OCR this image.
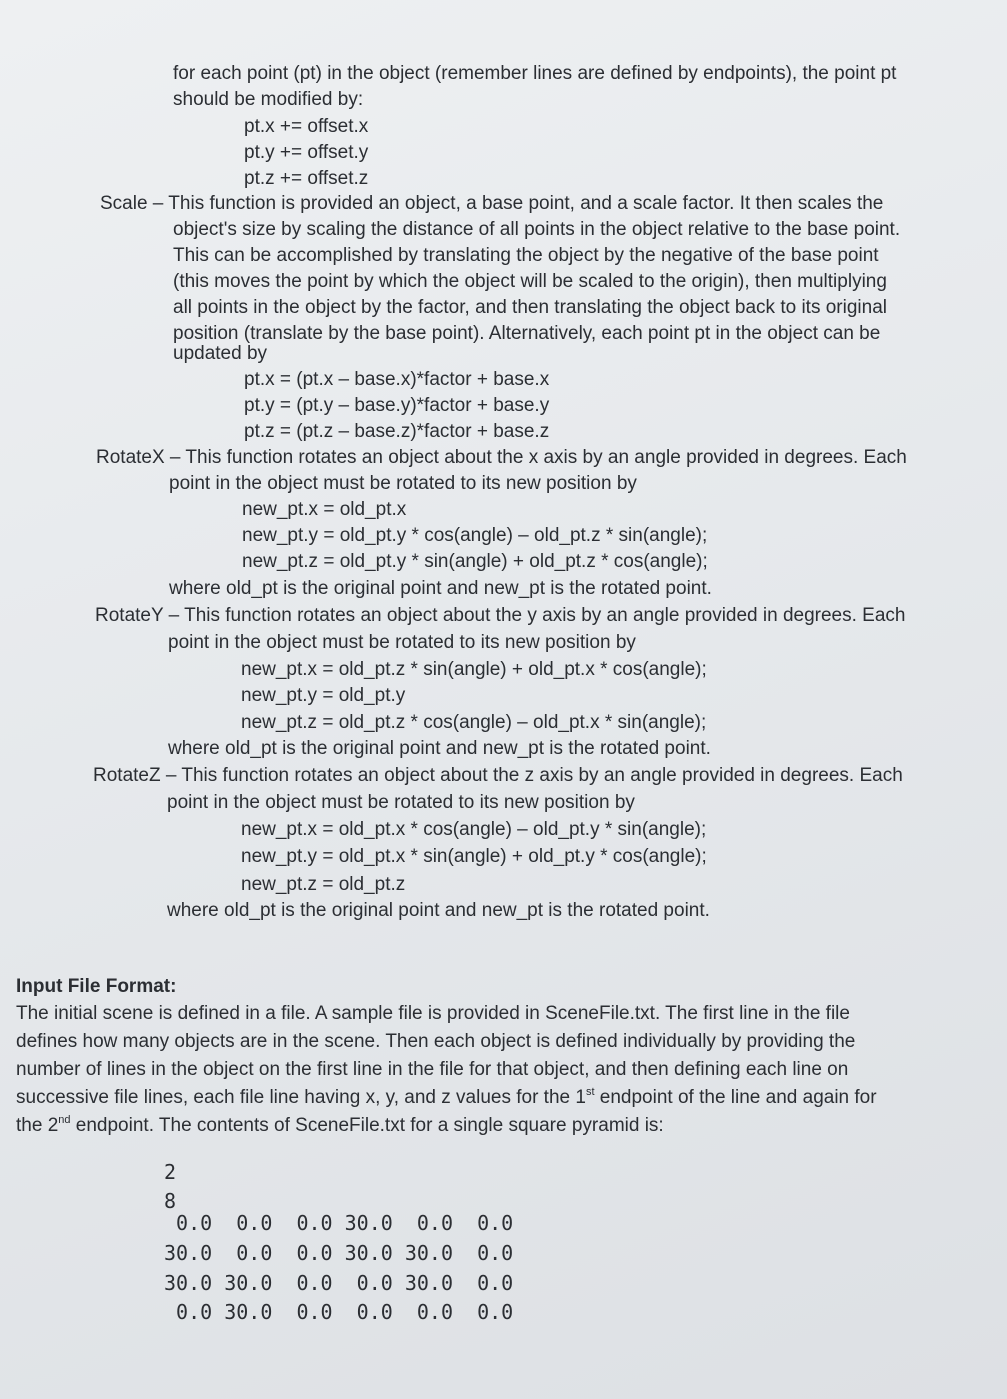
for each point (pt) in the object (remember lines are defined by endpoints), the point pt
should be modified by:
pt.x += offset.x
pt.y += offset.y
pt.z += offset.z
Scale – This function is provided an object, a base point, and a scale factor. It then scales the
object's size by scaling the distance of all points in the object relative to the base point.
This can be accomplished by translating the object by the negative of the base point
(this moves the point by which the object will be scaled to the origin), then multiplying
all points in the object by the factor, and then translating the object back to its original
position (translate by the base point). Alternatively, each point pt in the object can be
updated by
pt.x = (pt.x – base.x)*factor + base.x
pt.y = (pt.y – base.y)*factor + base.y
pt.z = (pt.z – base.z)*factor + base.z
RotateX – This function rotates an object about the x axis by an angle provided in degrees. Each
point in the object must be rotated to its new position by
new_pt.x = old_pt.x
new_pt.y = old_pt.y * cos(angle) – old_pt.z * sin(angle);
new_pt.z = old_pt.y * sin(angle) + old_pt.z * cos(angle);
where old_pt is the original point and new_pt is the rotated point.
RotateY – This function rotates an object about the y axis by an angle provided in degrees. Each
point in the object must be rotated to its new position by
new_pt.x = old_pt.z * sin(angle) + old_pt.x * cos(angle);
new_pt.y = old_pt.y
new_pt.z = old_pt.z * cos(angle) – old_pt.x * sin(angle);
where old_pt is the original point and new_pt is the rotated point.
RotateZ – This function rotates an object about the z axis by an angle provided in degrees. Each
point in the object must be rotated to its new position by
new_pt.x = old_pt.x * cos(angle) – old_pt.y * sin(angle);
new_pt.y = old_pt.x * sin(angle) + old_pt.y * cos(angle);
new_pt.z = old_pt.z
where old_pt is the original point and new_pt is the rotated point.
Input File Format:
The initial scene is defined in a file. A sample file is provided in SceneFile.txt. The first line in the file
defines how many objects are in the scene. Then each object is defined individually by providing the
number of lines in the object on the first line in the file for that object, and then defining each line on
successive file lines, each file line having x, y, and z values for the 1st endpoint of the line and again for
the 2nd endpoint. The contents of SceneFile.txt for a single square pyramid is:
2
8
0.0  0.0  0.0 30.0  0.0  0.0
30.0  0.0  0.0 30.0 30.0  0.0
30.0 30.0  0.0  0.0 30.0  0.0
0.0 30.0  0.0  0.0  0.0  0.0
